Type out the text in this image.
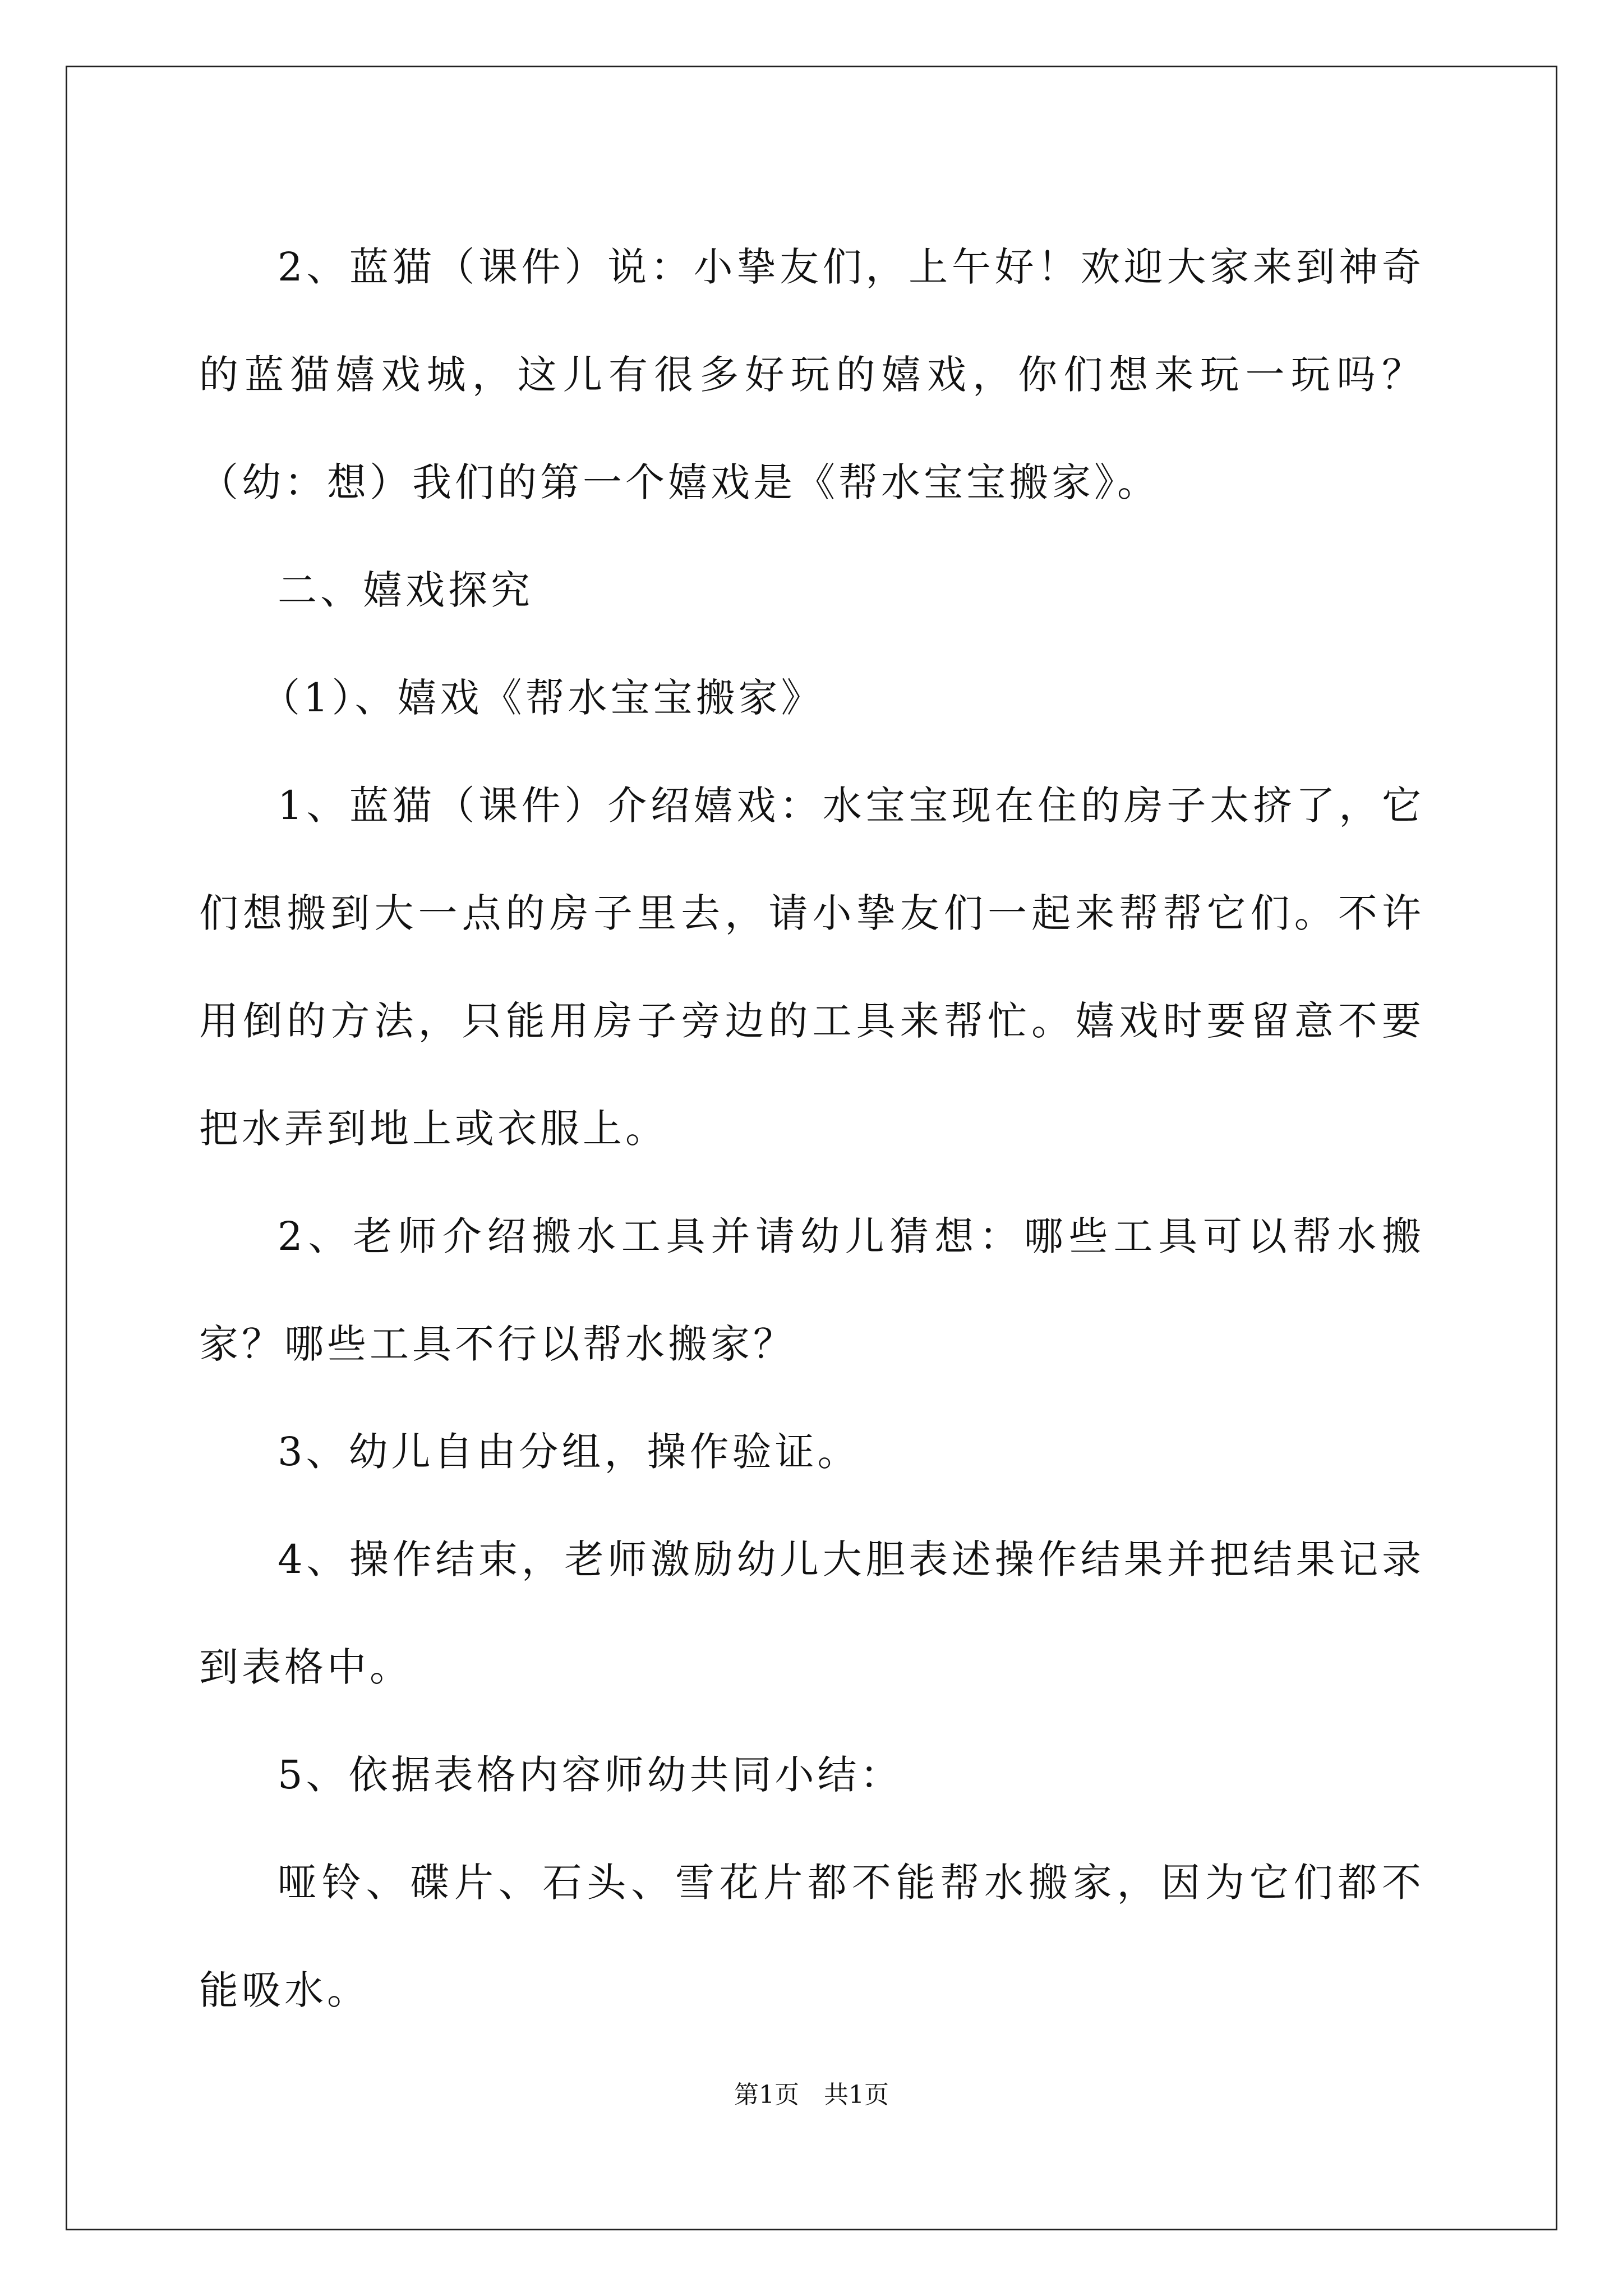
2、蓝猫（课件）说：小挚友们，上午好！欢迎大家来到神奇的蓝猫嬉戏城，这儿有很多好玩的嬉戏，你们想来玩一玩吗？（幼：想）我们的第一个嬉戏是《帮水宝宝搬家》。

二、嬉戏探究

（1）、嬉戏《帮水宝宝搬家》

1、蓝猫（课件）介绍嬉戏：水宝宝现在住的房子太挤了，它们想搬到大一点的房子里去，请小挚友们一起来帮帮它们。不许用倒的方法，只能用房子旁边的工具来帮忙。嬉戏时要留意不要把水弄到地上或衣服上。

2、老师介绍搬水工具并请幼儿猜想：哪些工具可以帮水搬家？哪些工具不行以帮水搬家？

3、幼儿自由分组，操作验证。

4、操作结束，老师激励幼儿大胆表述操作结果并把结果记录到表格中。

5、依据表格内容师幼共同小结：

哑铃、碟片、石头、雪花片都不能帮水搬家，因为它们都不能吸水。

第1页　共1页
